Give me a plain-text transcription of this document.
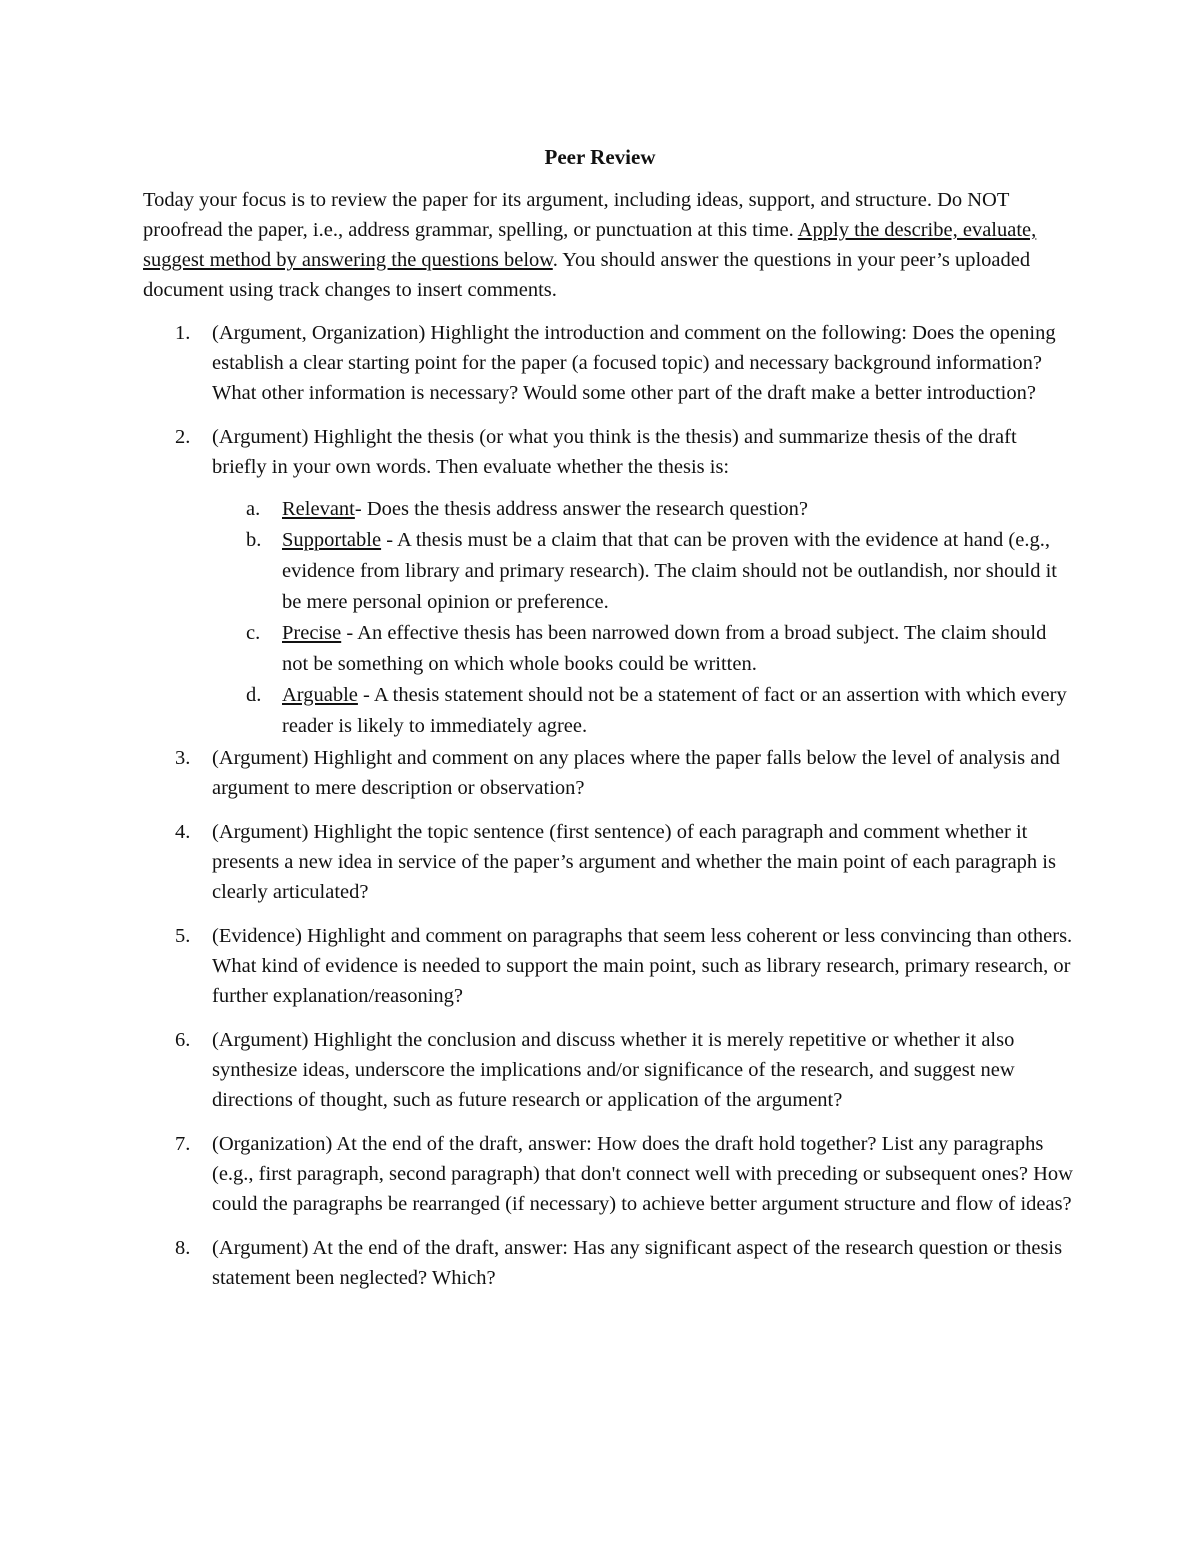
Peer Review

Today your focus is to review the paper for its argument, including ideas, support, and structure. Do NOT proofread the paper, i.e., address grammar, spelling, or punctuation at this time. Apply the describe, evaluate, suggest method by answering the questions below. You should answer the questions in your peer’s uploaded document using track changes to insert comments.

1. (Argument, Organization) Highlight the introduction and comment on the following: Does the opening establish a clear starting point for the paper (a focused topic) and necessary background information? What other information is necessary? Would some other part of the draft make a better introduction?
2. (Argument) Highlight the thesis (or what you think is the thesis) and summarize thesis of the draft briefly in your own words. Then evaluate whether the thesis is:
a. Relevant- Does the thesis address answer the research question?
b. Supportable - A thesis must be a claim that that can be proven with the evidence at hand (e.g., evidence from library and primary research). The claim should not be outlandish, nor should it be mere personal opinion or preference.
c. Precise - An effective thesis has been narrowed down from a broad subject. The claim should not be something on which whole books could be written.
d. Arguable - A thesis statement should not be a statement of fact or an assertion with which every reader is likely to immediately agree.
3. (Argument) Highlight and comment on any places where the paper falls below the level of analysis and argument to mere description or observation?
4. (Argument) Highlight the topic sentence (first sentence) of each paragraph and comment whether it presents a new idea in service of the paper’s argument and whether the main point of each paragraph is clearly articulated?
5. (Evidence) Highlight and comment on paragraphs that seem less coherent or less convincing than others. What kind of evidence is needed to support the main point, such as library research, primary research, or further explanation/reasoning?
6. (Argument) Highlight the conclusion and discuss whether it is merely repetitive or whether it also synthesize ideas, underscore the implications and/or significance of the research, and suggest new directions of thought, such as future research or application of the argument?
7. (Organization) At the end of the draft, answer: How does the draft hold together? List any paragraphs (e.g., first paragraph, second paragraph) that don't connect well with preceding or subsequent ones? How could the paragraphs be rearranged (if necessary) to achieve better argument structure and flow of ideas?
8. (Argument) At the end of the draft, answer: Has any significant aspect of the research question or thesis statement been neglected? Which?
